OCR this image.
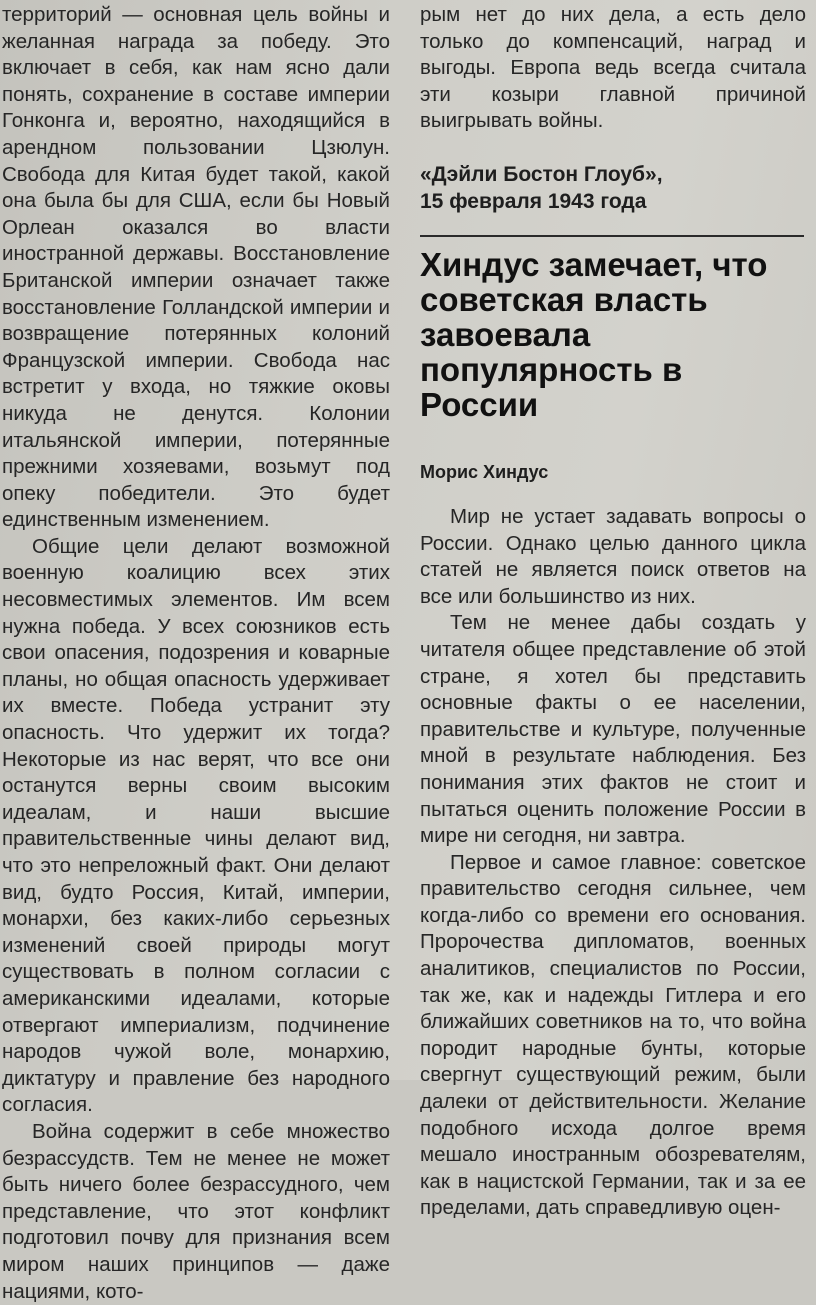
территорий — основная цель войны и желанная награда за победу. Это включает в себя, как нам ясно дали понять, сохранение в составе империи Гонконга и, вероятно, находящийся в арендном пользовании Цзюлун. Свобода для Китая будет такой, какой она была бы для США, если бы Новый Орлеан оказался во власти иностранной державы. Восстановление Британской империи означает также восстановление Голландской империи и возвращение потерянных колоний Французской империи. Свобода нас встретит у входа, но тяжкие оковы никуда не денутся. Колонии итальянской империи, потерянные прежними хозяевами, возьмут под опеку победители. Это будет единственным изменением.

Общие цели делают возможной военную коалицию всех этих несовместимых элементов. Им всем нужна победа. У всех союзников есть свои опасения, подозрения и коварные планы, но общая опасность удерживает их вместе. Победа устранит эту опасность. Что удержит их тогда? Некоторые из нас верят, что все они останутся верны своим высоким идеалам, и наши высшие правительственные чины делают вид, что это непреложный факт. Они делают вид, будто Россия, Китай, империи, монархи, без каких-либо серьезных изменений своей природы могут существовать в полном согласии с американскими идеалами, которые отвергают империализм, подчинение народов чужой воле, монархию, диктатуру и правление без народного согласия.

Война содержит в себе множество безрассудств. Тем не менее не может быть ничего более безрассудного, чем представление, что этот конфликт подготовил почву для признания всем миром наших принципов — даже нациями, кото-

рым нет до них дела, а есть дело только до компенсаций, наград и выгоды. Европа ведь всегда считала эти козыри главной причиной выигрывать войны.

«Дэйли Бостон Глоуб»,
15 февраля 1943 года
Хиндус замечает, что советская власть завоевала популярность в России
Морис Хиндус

Мир не устает задавать вопросы о России. Однако целью данного цикла статей не является поиск ответов на все или большинство из них.

Тем не менее дабы создать у читателя общее представление об этой стране, я хотел бы представить основные факты о ее населении, правительстве и культуре, полученные мной в результате наблюдения. Без понимания этих фактов не стоит и пытаться оценить положение России в мире ни сегодня, ни завтра.

Первое и самое главное: советское правительство сегодня сильнее, чем когда-либо со времени его основания. Пророчества дипломатов, военных аналитиков, специалистов по России, так же, как и надежды Гитлера и его ближайших советников на то, что война породит народные бунты, которые свергнут существующий режим, были далеки от действительности. Желание подобного исхода долгое время мешало иностранным обозревателям, как в нацистской Германии, так и за ее пределами, дать справедливую оцен-
